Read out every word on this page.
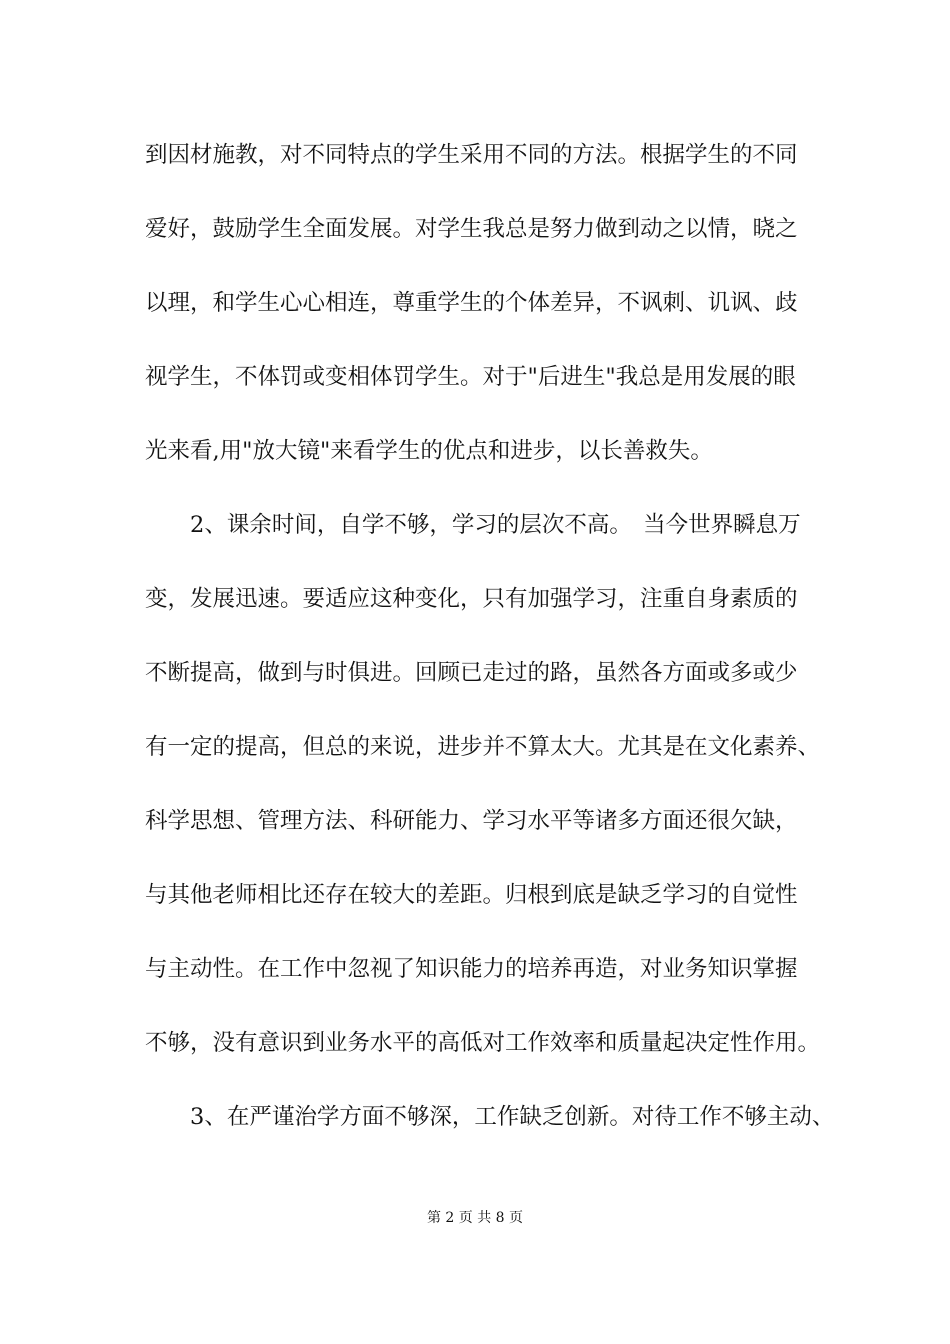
到因材施教，对不同特点的学生采用不同的方法。根据学生的不同
爱好，鼓励学生全面发展。对学生我总是努力做到动之以情，晓之
以理，和学生心心相连，尊重学生的个体差异，不讽刺、讥讽、歧
视学生，不体罚或变相体罚学生。对于"后进生"我总是用发展的眼
光来看,用"放大镜"来看学生的优点和进步，以长善救失。
　　2、课余时间，自学不够，学习的层次不高。　当今世界瞬息万
变，发展迅速。要适应这种变化，只有加强学习，注重自身素质的
不断提高，做到与时俱进。回顾已走过的路，虽然各方面或多或少
有一定的提高，但总的来说，进步并不算太大。尤其是在文化素养、
科学思想、管理方法、科研能力、学习水平等诸多方面还很欠缺，
与其他老师相比还存在较大的差距。归根到底是缺乏学习的自觉性
与主动性。在工作中忽视了知识能力的培养再造，对业务知识掌握
不够，没有意识到业务水平的高低对工作效率和质量起决定性作用。
　　3、在严谨治学方面不够深，工作缺乏创新。对待工作不够主动、
第 2 页 共 8 页
